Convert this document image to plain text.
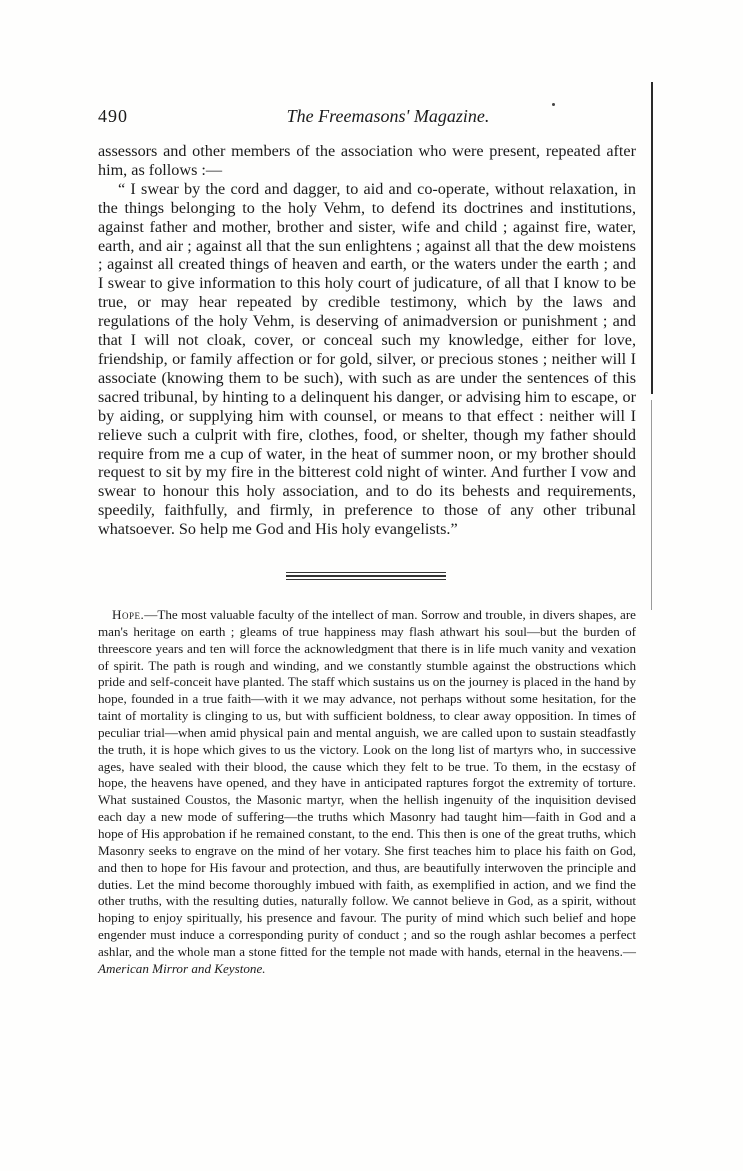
490	The Freemasons' Magazine.

assessors and other members of the association who were present, repeated after him, as follows :—

“ I swear by the cord and dagger, to aid and co-operate, without relaxation, in the things belonging to the holy Vehm, to defend its doctrines and institutions, against father and mother, brother and sister, wife and child ; against fire, water, earth, and air ; against all that the sun enlightens ; against all that the dew moistens ; against all created things of heaven and earth, or the waters under the earth ; and I swear to give information to this holy court of judicature, of all that I know to be true, or may hear repeated by credible testimony, which by the laws and regulations of the holy Vehm, is deserving of animadversion or punishment ; and that I will not cloak, cover, or conceal such my knowledge, either for love, friendship, or family affection or for gold, silver, or precious stones ; neither will I associate (knowing them to be such), with such as are under the sentences of this sacred tribunal, by hinting to a delinquent his danger, or advising him to escape, or by aiding, or supplying him with counsel, or means to that effect : neither will I relieve such a culprit with fire, clothes, food, or shelter, though my father should require from me a cup of water, in the heat of summer noon, or my brother should request to sit by my fire in the bitterest cold night of winter. And further I vow and swear to honour this holy association, and to do its behests and requirements, speedily, faithfully, and firmly, in preference to those of any other tribunal whatsoever. So help me God and His holy evangelists.”

Hope.—The most valuable faculty of the intellect of man. Sorrow and trouble, in divers shapes, are man's heritage on earth ; gleams of true happiness may flash athwart his soul—but the burden of threescore years and ten will force the acknowledgment that there is in life much vanity and vexation of spirit. The path is rough and winding, and we constantly stumble against the obstructions which pride and self-conceit have planted. The staff which sustains us on the journey is placed in the hand by hope, founded in a true faith—with it we may advance, not perhaps without some hesitation, for the taint of mortality is clinging to us, but with sufficient boldness, to clear away opposition. In times of peculiar trial—when amid physical pain and mental anguish, we are called upon to sustain steadfastly the truth, it is hope which gives to us the victory. Look on the long list of martyrs who, in successive ages, have sealed with their blood, the cause which they felt to be true. To them, in the ecstasy of hope, the heavens have opened, and they have in anticipated raptures forgot the extremity of torture. What sustained Coustos, the Masonic martyr, when the hellish ingenuity of the inquisition devised each day a new mode of suffering—the truths which Masonry had taught him—faith in God and a hope of His approbation if he remained constant, to the end. This then is one of the great truths, which Masonry seeks to engrave on the mind of her votary. She first teaches him to place his faith on God, and then to hope for His favour and protection, and thus, are beautifully interwoven the principle and duties. Let the mind become thoroughly imbued with faith, as exemplified in action, and we find the other truths, with the resulting duties, naturally follow. We cannot believe in God, as a spirit, without hoping to enjoy spiritually, his presence and favour. The purity of mind which such belief and hope engender must induce a corresponding purity of conduct ; and so the rough ashlar becomes a perfect ashlar, and the whole man a stone fitted for the temple not made with hands, eternal in the heavens.—American Mirror and Keystone.
